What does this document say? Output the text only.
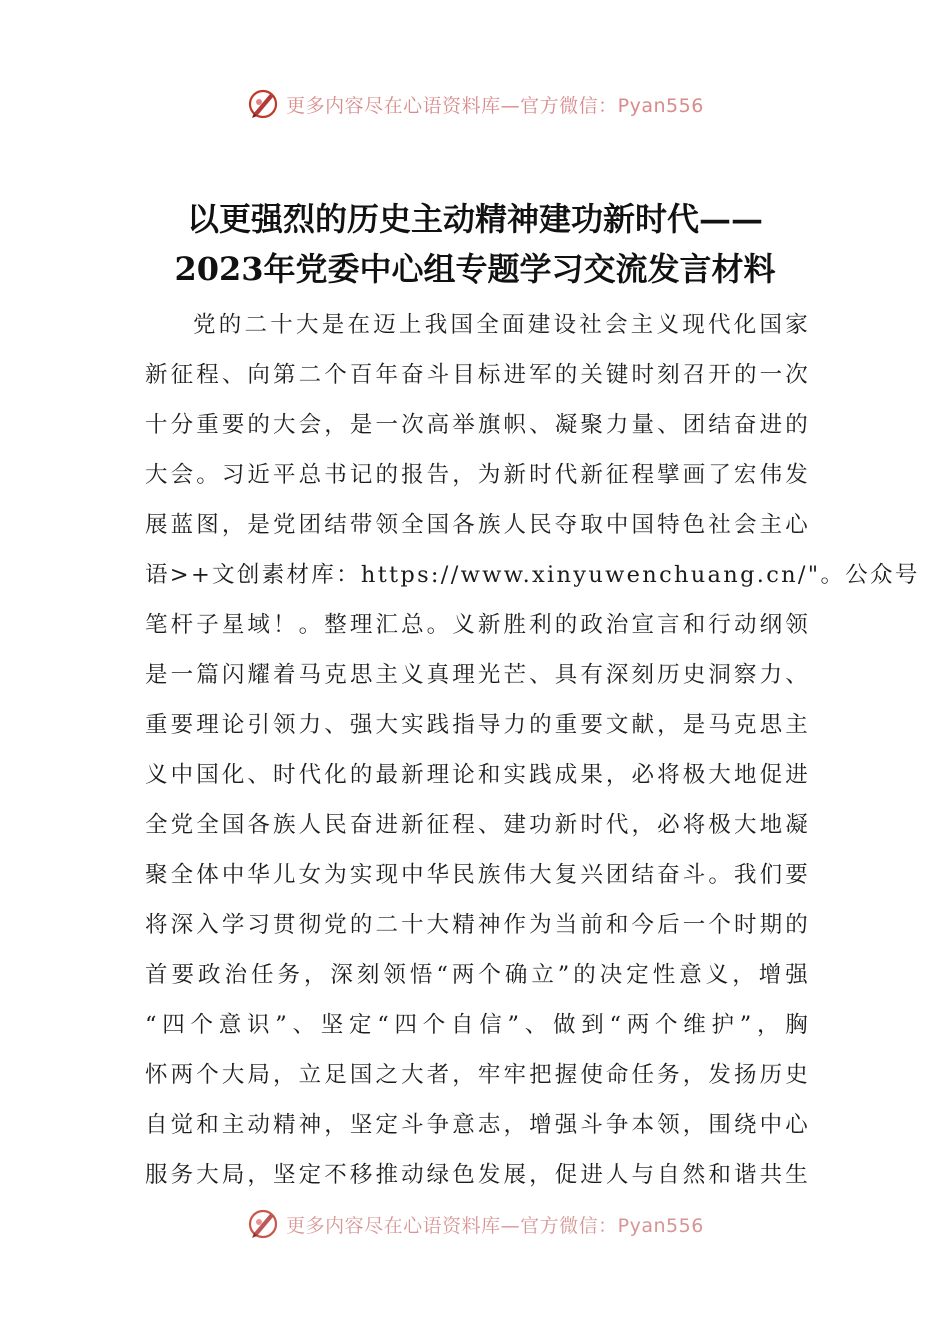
更多内容尽在心语资料库—官方微信：Pyan556
以更强烈的历史主动精神建功新时代——
2023年党委中心组专题学习交流发言材料
党的二十大是在迈上我国全面建设社会主义现代化国家
新征程、向第二个百年奋斗目标进军的关键时刻召开的一次
十分重要的大会，是一次高举旗帜、凝聚力量、团结奋进的
大会。习近平总书记的报告，为新时代新征程擘画了宏伟发
展蓝图，是党团结带领全国各族人民夺取中国特色社会主心
语>+文创素材库：https://www.xinyuwenchuang.cn/"。公众号
笔杆子星域！。整理汇总。义新胜利的政治宣言和行动纲领
是一篇闪耀着马克思主义真理光芒、具有深刻历史洞察力、
重要理论引领力、强大实践指导力的重要文献，是马克思主
义中国化、时代化的最新理论和实践成果，必将极大地促进
全党全国各族人民奋进新征程、建功新时代，必将极大地凝
聚全体中华儿女为实现中华民族伟大复兴团结奋斗。我们要
将深入学习贯彻党的二十大精神作为当前和今后一个时期的
首要政治任务，深刻领悟“两个确立”的决定性意义，增强
“四个意识”、坚定“四个自信”、做到“两个维护”，胸
怀两个大局，立足国之大者，牢牢把握使命任务，发扬历史
自觉和主动精神，坚定斗争意志，增强斗争本领，围绕中心
服务大局，坚定不移推动绿色发展，促进人与自然和谐共生
更多内容尽在心语资料库—官方微信：Pyan556
